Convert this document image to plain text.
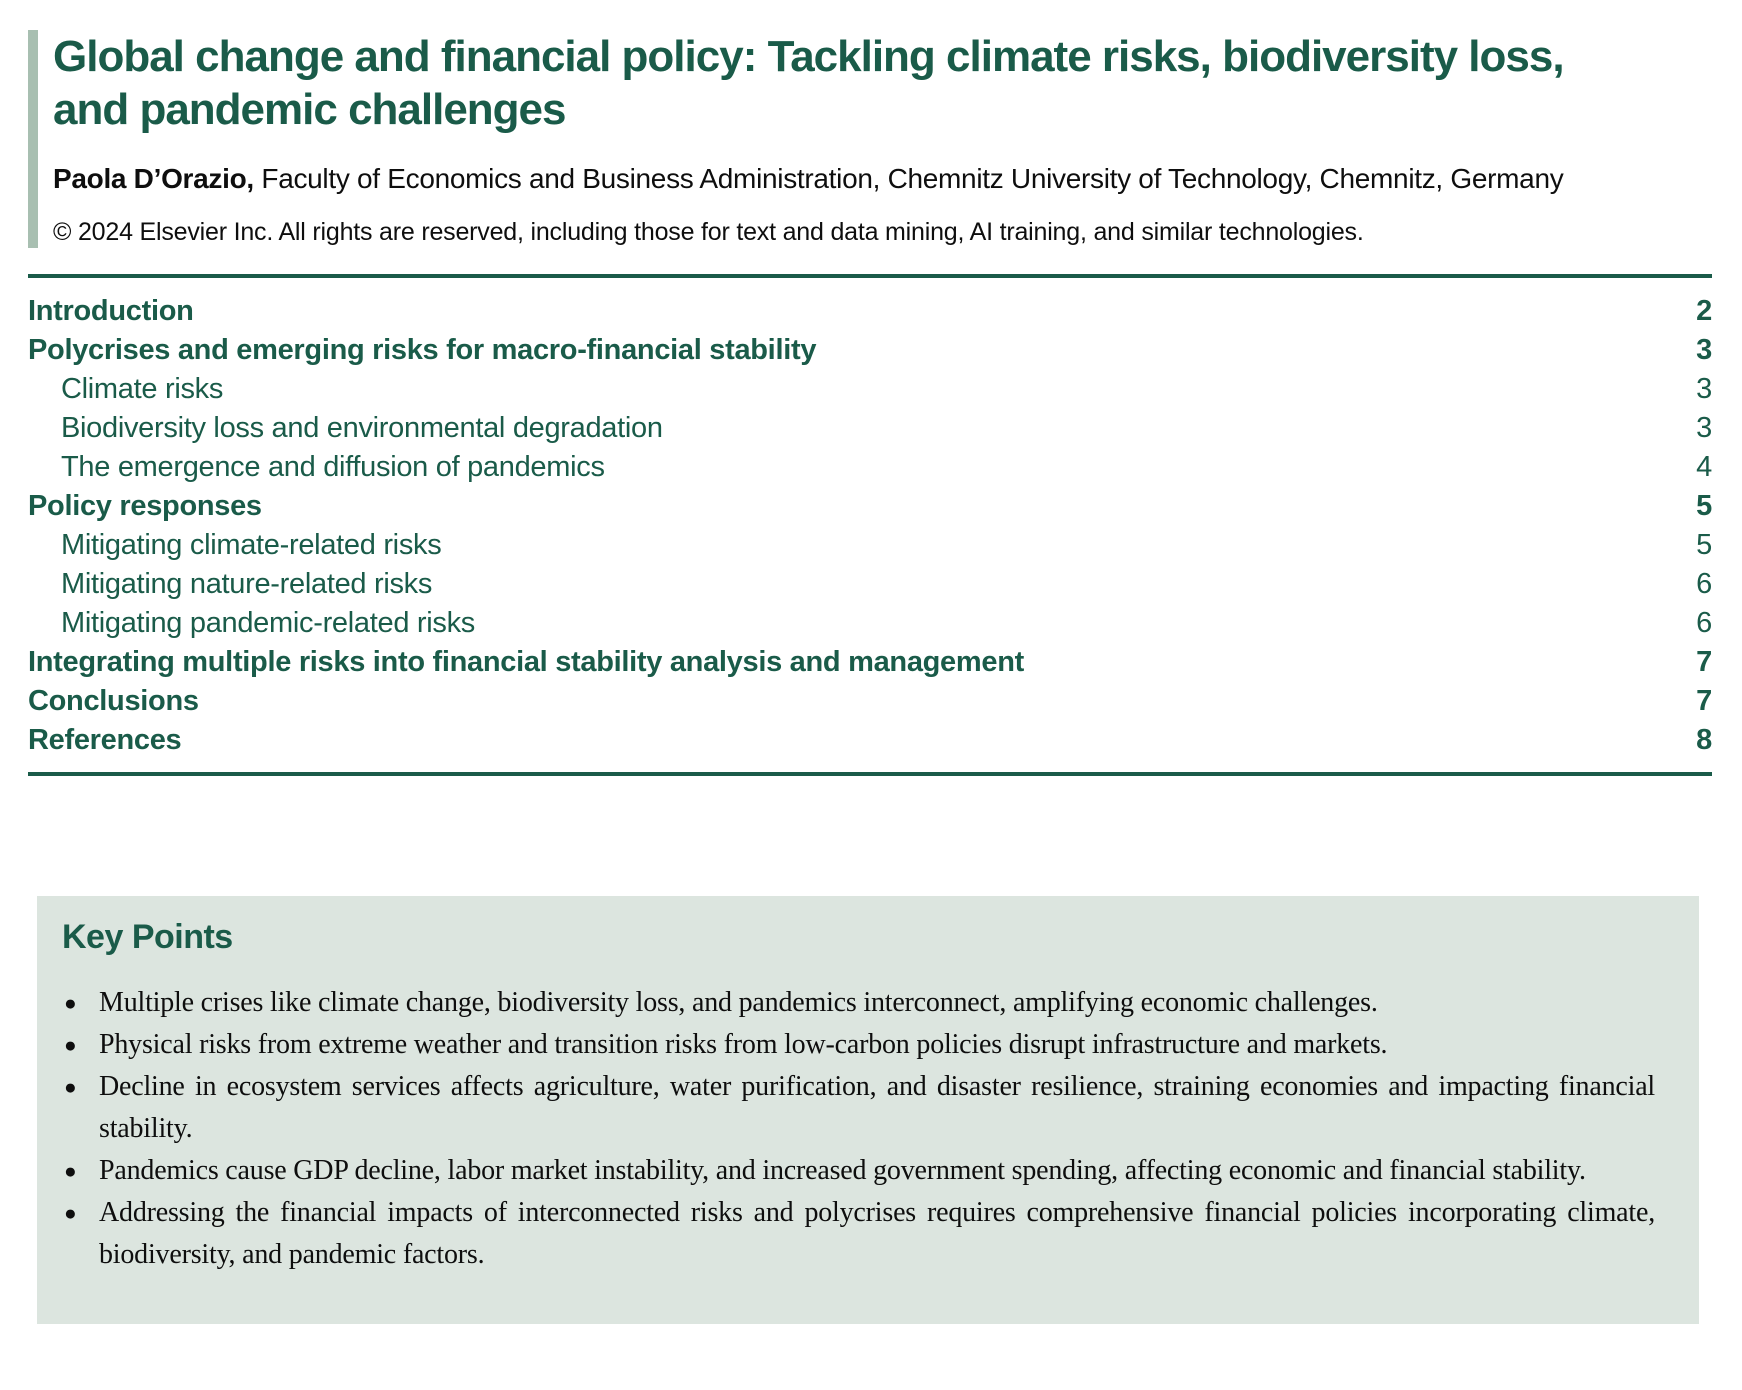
Global change and financial policy: Tackling climate risks, biodiversity loss,
and pandemic challenges

Paola D’Orazio, Faculty of Economics and Business Administration, Chemnitz University of Technology, Chemnitz, Germany

© 2024 Elsevier Inc. All rights are reserved, including those for text and data mining, AI training, and similar technologies.

Introduction	2
Polycrises and emerging risks for macro-financial stability	3
Climate risks	3
Biodiversity loss and environmental degradation	3
The emergence and diffusion of pandemics	4
Policy responses	5
Mitigating climate-related risks	5
Mitigating nature-related risks	6
Mitigating pandemic-related risks	6
Integrating multiple risks into financial stability analysis and management	7
Conclusions	7
References	8
Key Points
● Multiple crises like climate change, biodiversity loss, and pandemics interconnect, amplifying economic challenges.
● Physical risks from extreme weather and transition risks from low-carbon policies disrupt infrastructure and markets.
● Decline in ecosystem services affects agriculture, water purification, and disaster resilience, straining economies and impacting financial stability.
● Pandemics cause GDP decline, labor market instability, and increased government spending, affecting economic and financial stability.
● Addressing the financial impacts of interconnected risks and polycrises requires comprehensive financial policies incorporating climate, biodiversity, and pandemic factors.
